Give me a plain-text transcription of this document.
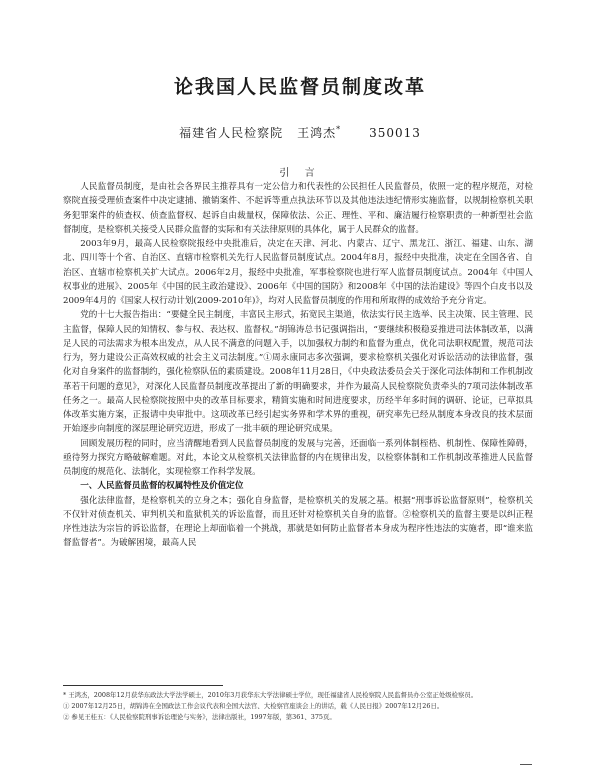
论我国人民监督员制度改革
福建省人民检察院 王鸿杰* 350013
引 言

人民监督员制度，是由社会各界民主推荐具有一定公信力和代表性的公民担任人民监督员，依照一定的程序规范，对检察院直接受理侦查案件中决定逮捕、撤销案件、不起诉等重点执法环节以及其他违法违纪情形实施监督，以规制检察机关职务犯罪案件的侦查权、侦查监督权、起诉自由裁量权，保障依法、公正、理性、平和、廉洁履行检察职责的一种新型社会监督制度，是检察机关接受人民群众监督的实际和有关法律原则的具体化，属于人民群众的监督。

2003年9月，最高人民检察院报经中央批准后，决定在天津、河北、内蒙古、辽宁、黑龙江、浙江、福建、山东、湖北、四川等十个省、自治区、直辖市检察机关先行人民监督员制度试点。2004年8月，报经中央批准，决定在全国各省、自治区、直辖市检察机关扩大试点。2006年2月，报经中央批准，军事检察院也进行军人监督员制度试点。2004年《中国人权事业的进展》、2005年《中国的民主政治建设》、2006年《中国的国防》和2008年《中国的法治建设》等四个白皮书以及2009年4月的《国家人权行动计划(2009-2010年)》，均对人民监督员制度的作用和所取得的成效给予充分肯定。

党的十七大报告指出：“要健全民主制度，丰富民主形式，拓宽民主渠道，依法实行民主选举、民主决策、民主管理、民主监督，保障人民的知情权、参与权、表达权、监督权。”胡锦涛总书记强调指出，“要继续积极稳妥推进司法体制改革，以满足人民的司法需求为根本出发点，从人民不满意的问题入手，以加强权力制约和监督为重点，优化司法职权配置，规范司法行为，努力建设公正高效权威的社会主义司法制度。”①周永康同志多次强调，要求检察机关强化对诉讼活动的法律监督，强化对自身案件的监督制约，强化检察队伍的素质建设。2008年11月28日，《中央政法委员会关于深化司法体制和工作机制改革若干问题的意见》，对深化人民监督员制度改革提出了新的明确要求，并作为最高人民检察院负责牵头的7项司法体制改革任务之一。最高人民检察院按照中央的改革目标要求，精简实施和时间进度要求，历经半年多时间的调研、论证，已草拟具体改革实施方案，正报请中央审批中。这项改革已经引起实务界和学术界的重视，研究率先已经从制度本身改良的技术层面开始逐步向制度的深层理论研究迈进，形成了一批丰硕的理论研究成果。

回顾发展历程的同时，应当清醒地看到人民监督员制度的发展与完善，还面临一系列体制桎梏、机制性、保障性障碍，亟待努力探究方略破解难题。对此，本论文从检察机关法律监督的内在规律出发，以检察体制和工作机制改革推进人民监督员制度的规范化、法制化，实现检察工作科学发展。

一、人民监督员监督的权属特性及价值定位

强化法律监督，是检察机关的立身之本；强化自身监督，是检察机关的发展之基。根据“刑事诉讼监督原则”，检察机关不仅针对侦查机关、审判机关和监狱机关的诉讼监督，而且还针对检察机关自身的监督。②检察机关的监督主要是以纠正程序性违法为宗旨的诉讼监督，在理论上却面临着一个挑战，那就是如何防止监督者本身成为程序性违法的实施者，即“谁来监督监督者”。为破解困境，最高人民

* 王鸿杰，2008年12月获华东政法大学法学硕士，2010年3月获华东大学法律硕士学位，现任福建省人民检察院人民监督员办公室正处级检察员。
① 2007年12月25日，胡锦涛在全国政法工作会议代表和全国大法官、大检察官座谈会上的讲话，载《人民日报》2007年12月26日。
② 参见王桂五：《人民检察院刑事诉讼理论与实务》，法律出版社，1997年版，第361、375页。
